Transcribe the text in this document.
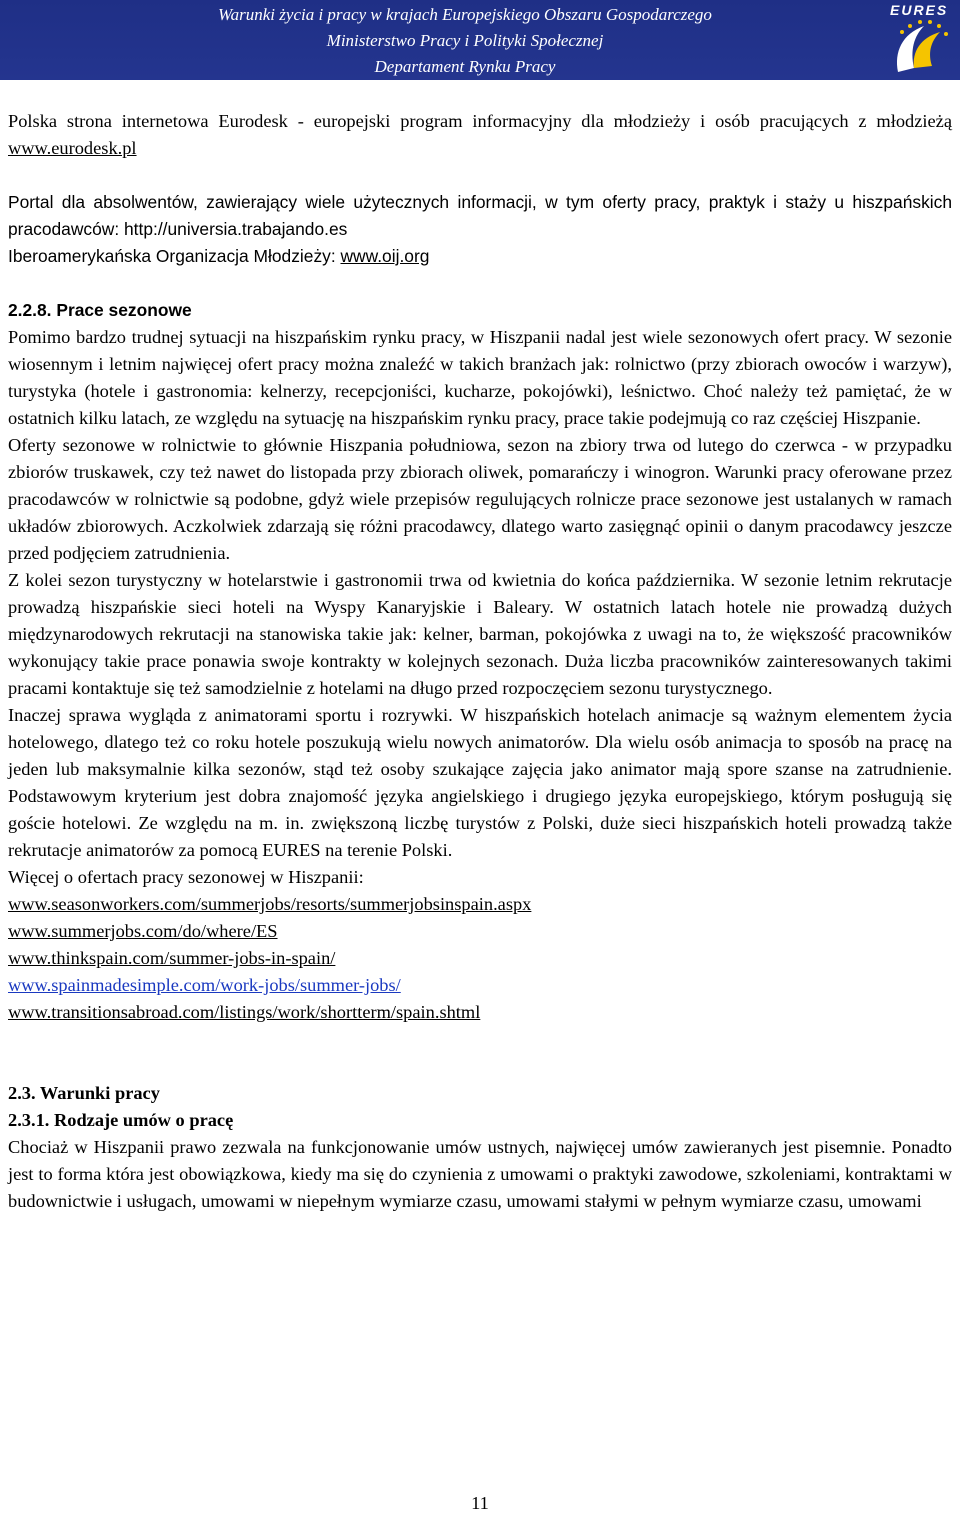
Warunki życia i pracy w krajach Europejskiego Obszaru Gospodarczego
Ministerstwo Pracy i Polityki Społecznej
Departament Rynku Pracy
EURES

Polska strona internetowa Eurodesk - europejski program informacyjny dla młodzieży i osób pracujących z młodzieżą www.eurodesk.pl

Portal dla absolwentów, zawierający wiele użytecznych informacji, w tym oferty pracy, praktyk i staży u hiszpańskich pracodawców: http://universia.trabajando.es

Iberoamerykańska Organizacja Młodzieży: www.oij.org

2.2.8. Prace sezonowe

Pomimo bardzo trudnej sytuacji na hiszpańskim rynku pracy, w Hiszpanii nadal jest wiele sezonowych ofert pracy. W sezonie wiosennym i letnim najwięcej ofert pracy można znaleźć w takich branżach jak: rolnictwo (przy zbiorach owoców i warzyw), turystyka (hotele i gastronomia: kelnerzy, recepcjoniści, kucharze, pokojówki), leśnictwo. Choć należy też pamiętać, że w ostatnich kilku latach, ze względu na sytuację na hiszpańskim rynku pracy, prace takie podejmują co raz częściej Hiszpanie.

Oferty sezonowe w rolnictwie to głównie Hiszpania południowa, sezon na zbiory trwa od lutego do czerwca - w przypadku zbiorów truskawek, czy też nawet do listopada przy zbiorach oliwek, pomarańczy i winogron. Warunki pracy oferowane przez pracodawców w rolnictwie są podobne, gdyż wiele przepisów regulujących rolnicze prace sezonowe jest ustalanych w ramach układów zbiorowych. Aczkolwiek zdarzają się różni pracodawcy, dlatego warto zasięgnąć opinii o danym pracodawcy jeszcze przed podjęciem zatrudnienia.

Z kolei sezon turystyczny w hotelarstwie i gastronomii trwa od kwietnia do końca października. W sezonie letnim rekrutacje prowadzą hiszpańskie sieci hoteli na Wyspy Kanaryjskie i Baleary. W ostatnich latach hotele nie prowadzą dużych międzynarodowych rekrutacji na stanowiska takie jak: kelner, barman, pokojówka z uwagi na to, że większość pracowników wykonujący takie prace ponawia swoje kontrakty w kolejnych sezonach. Duża liczba pracowników zainteresowanych takimi pracami kontaktuje się też samodzielnie z hotelami na długo przed rozpoczęciem sezonu turystycznego.

Inaczej sprawa wygląda z animatorami sportu i rozrywki. W hiszpańskich hotelach animacje są ważnym elementem życia hotelowego, dlatego też co roku hotele poszukują wielu nowych animatorów. Dla wielu osób animacja to sposób na pracę na jeden lub maksymalnie kilka sezonów, stąd też osoby szukające zajęcia jako animator mają spore szanse na zatrudnienie. Podstawowym kryterium jest dobra znajomość języka angielskiego i drugiego języka europejskiego, którym posługują się goście hotelowi. Ze względu na m. in. zwiększoną liczbę turystów z Polski, duże sieci hiszpańskich hoteli prowadzą także rekrutacje animatorów za pomocą EURES na terenie Polski.

Więcej o ofertach pracy sezonowej w Hiszpanii:

www.seasonworkers.com/summerjobs/resorts/summerjobsinspain.aspx

www.summerjobs.com/do/where/ES

www.thinkspain.com/summer-jobs-in-spain/

www.spainmadesimple.com/work-jobs/summer-jobs/

www.transitionsabroad.com/listings/work/shortterm/spain.shtml

2.3. Warunki pracy
2.3.1. Rodzaje umów o pracę

Chociaż w Hiszpanii prawo zezwala na funkcjonowanie umów ustnych, najwięcej umów zawieranych jest pisemnie. Ponadto jest to forma która jest obowiązkowa, kiedy ma się do czynienia z umowami o praktyki zawodowe, szkoleniami, kontraktami w budownictwie i usługach, umowami w niepełnym wymiarze czasu, umowami stałymi w pełnym wymiarze czasu, umowami

11
